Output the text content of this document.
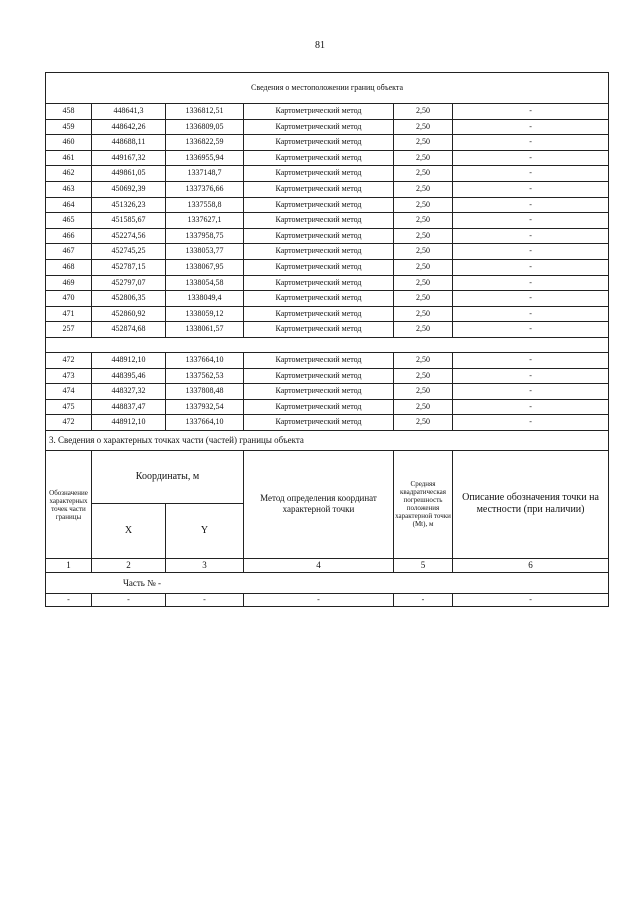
81
Сведения о местоположении границ объекта					
458	448641,3	1336812,51	Картометрический метод	2,50	-
459	448642,26	1336809,05	Картометрический метод	2,50	-
460	448688,11	1336822,59	Картометрический метод	2,50	-
461	449167,32	1336955,94	Картометрический метод	2,50	-
462	449861,05	1337148,7	Картометрический метод	2,50	-
463	450692,39	1337376,66	Картометрический метод	2,50	-
464	451326,23	1337558,8	Картометрический метод	2,50	-
465	451585,67	1337627,1	Картометрический метод	2,50	-
466	452274,56	1337958,75	Картометрический метод	2,50	-
467	452745,25	1338053,77	Картометрический метод	2,50	-
468	452787,15	1338067,95	Картометрический метод	2,50	-
469	452797,07	1338054,58	Картометрический метод	2,50	-
470	452806,35	1338049,4	Картометрический метод	2,50	-
471	452860,92	1338059,12	Картометрический метод	2,50	-
257	452874,68	1338061,57	Картометрический метод	2,50	-

472	448912,10	1337664,10	Картометрический метод	2,50	-
473	448395,46	1337562,53	Картометрический метод	2,50	-
474	448327,32	1337808,48	Картометрический метод	2,50	-
475	448837,47	1337932,54	Картометрический метод	2,50	-
472	448912,10	1337664,10	Картометрический метод	2,50	-
3. Сведения о характерных точках части (частей) границы объекта					
Обозначение характерных точек части границы	Координаты, м		Метод определения координат характерной точки	Средняя квадратическая погрешность положения характерной точки (Мt), м	Описание обозначения точки на местности (при наличии)
	X	Y			
1	2	3	4	5	6
Часть № -					
-	-	-	-	-	-
